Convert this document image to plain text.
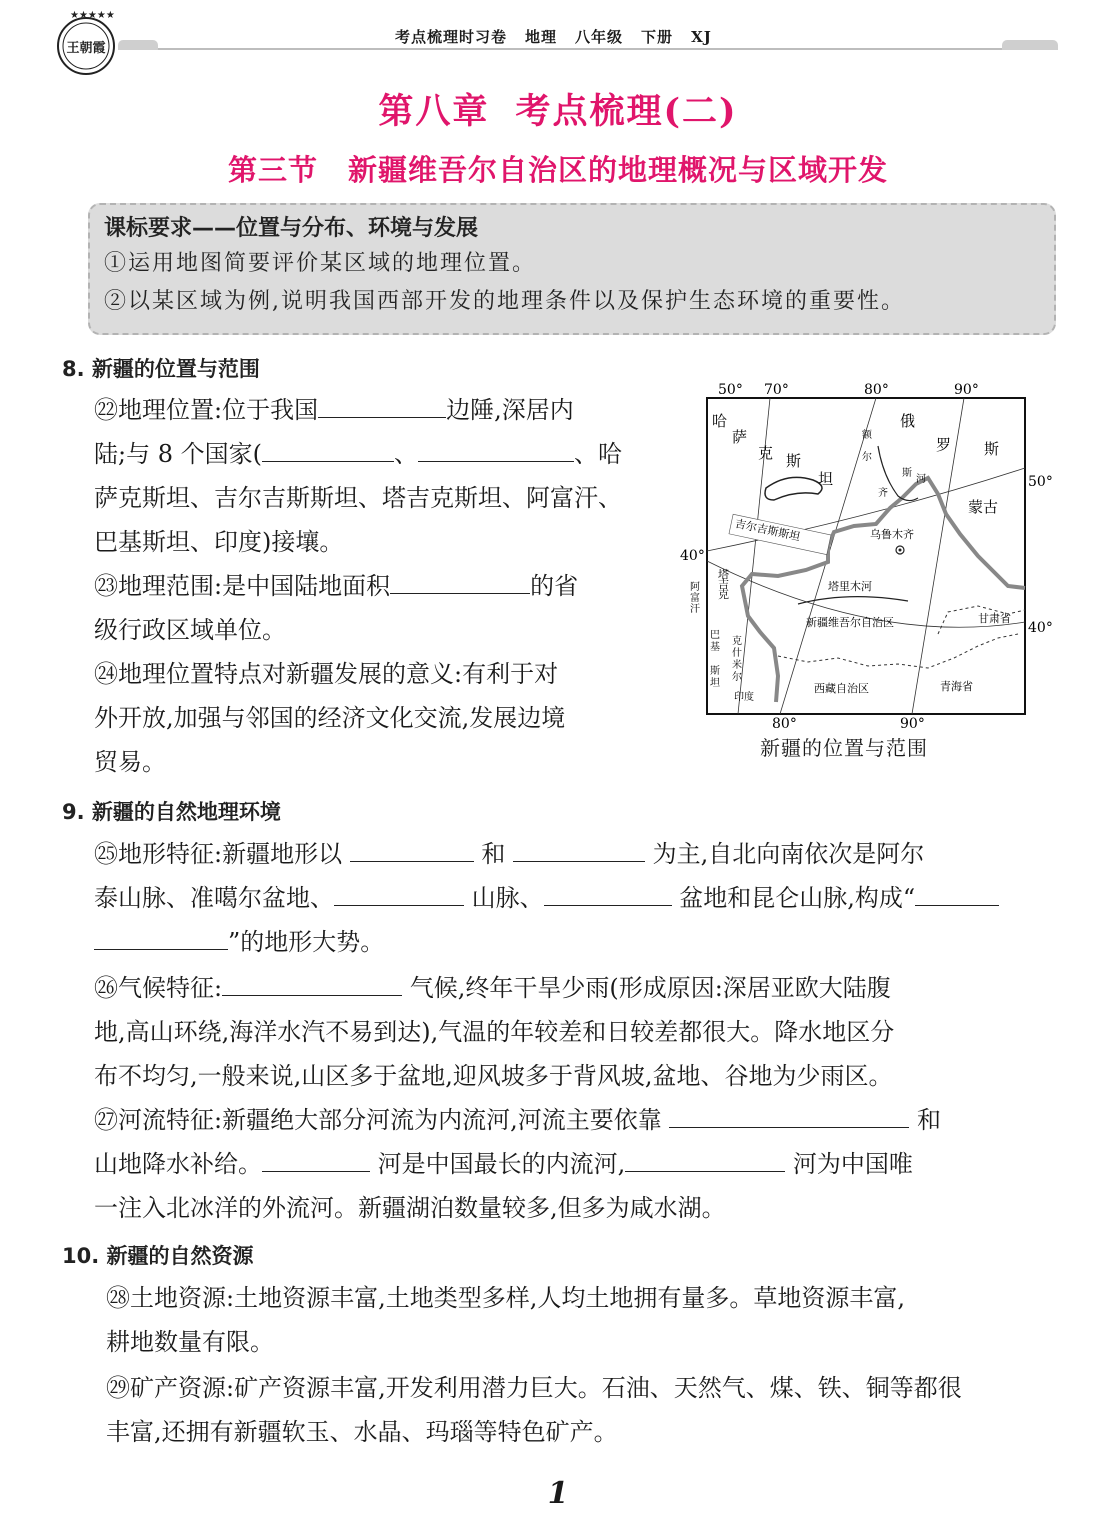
★★★★★
王朝霞
考点梳理时习卷 地理 八年级 下册 XJ
第八章 考点梳理(二)
第三节 新疆维吾尔自治区的地理概况与区域开发
课标要求——位置与分布、环境与发展
①运用地图简要评价某区域的地理位置。
②以某区域为例,说明我国西部开发的地理条件以及保护生态环境的重要性。
8. 新疆的位置与范围
㉒地理位置:位于我国	边陲,深居内
陆;与 8 个国家(	、	、哈
萨克斯坦、吉尔吉斯斯坦、塔吉克斯坦、阿富汗、
巴基斯坦、印度)接壤。
㉓地理范围:是中国陆地面积	的省
级行政区域单位。
㉔地理位置特点对新疆发展的意义:有利于对
外开放,加强与邻国的经济文化交流,发展边境
贸易。
50° 70°	80°	90°
80°	90°
50°
40°
40°
哈
萨
克 斯
坦
俄
罗 斯
蒙古
吉尔吉斯斯坦
塔
吉
克
阿
富
汗
巴
基
斯
坦
克
什
米
尔
印度
塔里木河
乌鲁木齐
新疆维吾尔自治区
西藏自治区	青海省
甘肃省
额
尔
齐
斯
河
新疆的位置与范围
9. 新疆的自然地理环境
㉕地形特征:新疆地形以	和	为主,自北向南依次是阿尔
泰山脉、准噶尔盆地、	山脉、	盆地和昆仑山脉,构成“
”的地形大势。
㉖气候特征:	气候,终年干旱少雨(形成原因:深居亚欧大陆腹
地,高山环绕,海洋水汽不易到达),气温的年较差和日较差都很大。降水地区分
布不均匀,一般来说,山区多于盆地,迎风坡多于背风坡,盆地、谷地为少雨区。
㉗河流特征:新疆绝大部分河流为内流河,河流主要依靠	和
山地降水补给。	河是中国最长的内流河,	河为中国唯
一注入北冰洋的外流河。新疆湖泊数量较多,但多为咸水湖。
10. 新疆的自然资源
㉘土地资源:土地资源丰富,土地类型多样,人均土地拥有量多。草地资源丰富,
耕地数量有限。
㉙矿产资源:矿产资源丰富,开发利用潜力巨大。石油、天然气、煤、铁、铜等都很
丰富,还拥有新疆软玉、水晶、玛瑙等特色矿产。
1
